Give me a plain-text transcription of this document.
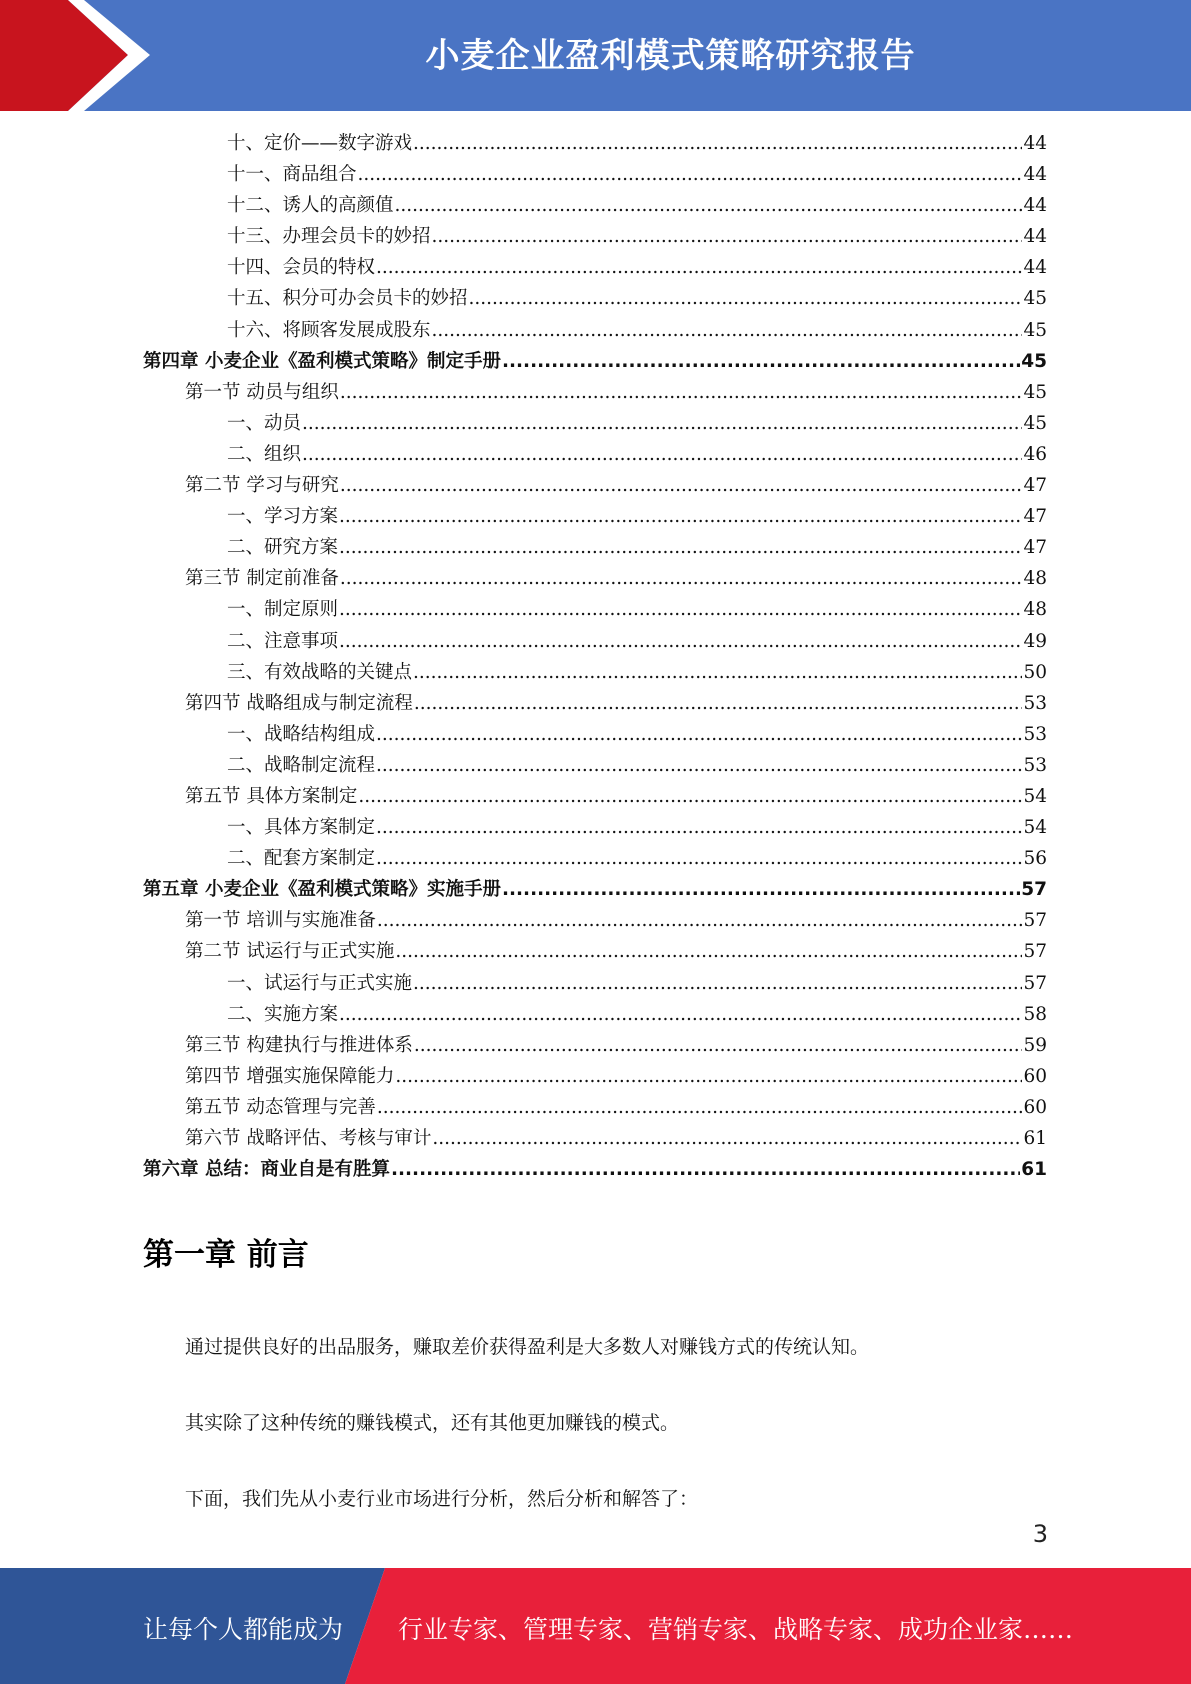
小麦企业盈利模式策略研究报告
十、定价——数字游戏 .....	44
十一、商品组合 .....	44
十二、诱人的高颜值 .....	44
十三、办理会员卡的妙招 .....	44
十四、会员的特权 .....	44
十五、积分可办会员卡的妙招 .....	45
十六、将顾客发展成股东 .....	45
第四章 小麦企业《盈利模式策略》制定手册 .....	45
第一节 动员与组织 .....	45
一、动员 .....	45
二、组织 .....	46
第二节 学习与研究 .....	47
一、学习方案 .....	47
二、研究方案 .....	47
第三节 制定前准备 .....	48
一、制定原则 .....	48
二、注意事项 .....	49
三、有效战略的关键点 .....	50
第四节 战略组成与制定流程 .....	53
一、战略结构组成 .....	53
二、战略制定流程 .....	53
第五节 具体方案制定 .....	54
一、具体方案制定 .....	54
二、配套方案制定 .....	56
第五章 小麦企业《盈利模式策略》实施手册 .....	57
第一节 培训与实施准备 .....	57
第二节 试运行与正式实施 .....	57
一、试运行与正式实施 .....	57
二、实施方案 .....	58
第三节 构建执行与推进体系 .....	59
第四节 增强实施保障能力 .....	60
第五节 动态管理与完善 .....	60
第六节 战略评估、考核与审计 .....	61
第六章 总结：商业自是有胜算 .....	61
第一章 前言
通过提供良好的出品服务，赚取差价获得盈利是大多数人对赚钱方式的传统认知。
其实除了这种传统的赚钱模式，还有其他更加赚钱的模式。
下面，我们先从小麦行业市场进行分析，然后分析和解答了：
3
让每个人都能成为 行业专家、管理专家、营销专家、战略专家、成功企业家……
